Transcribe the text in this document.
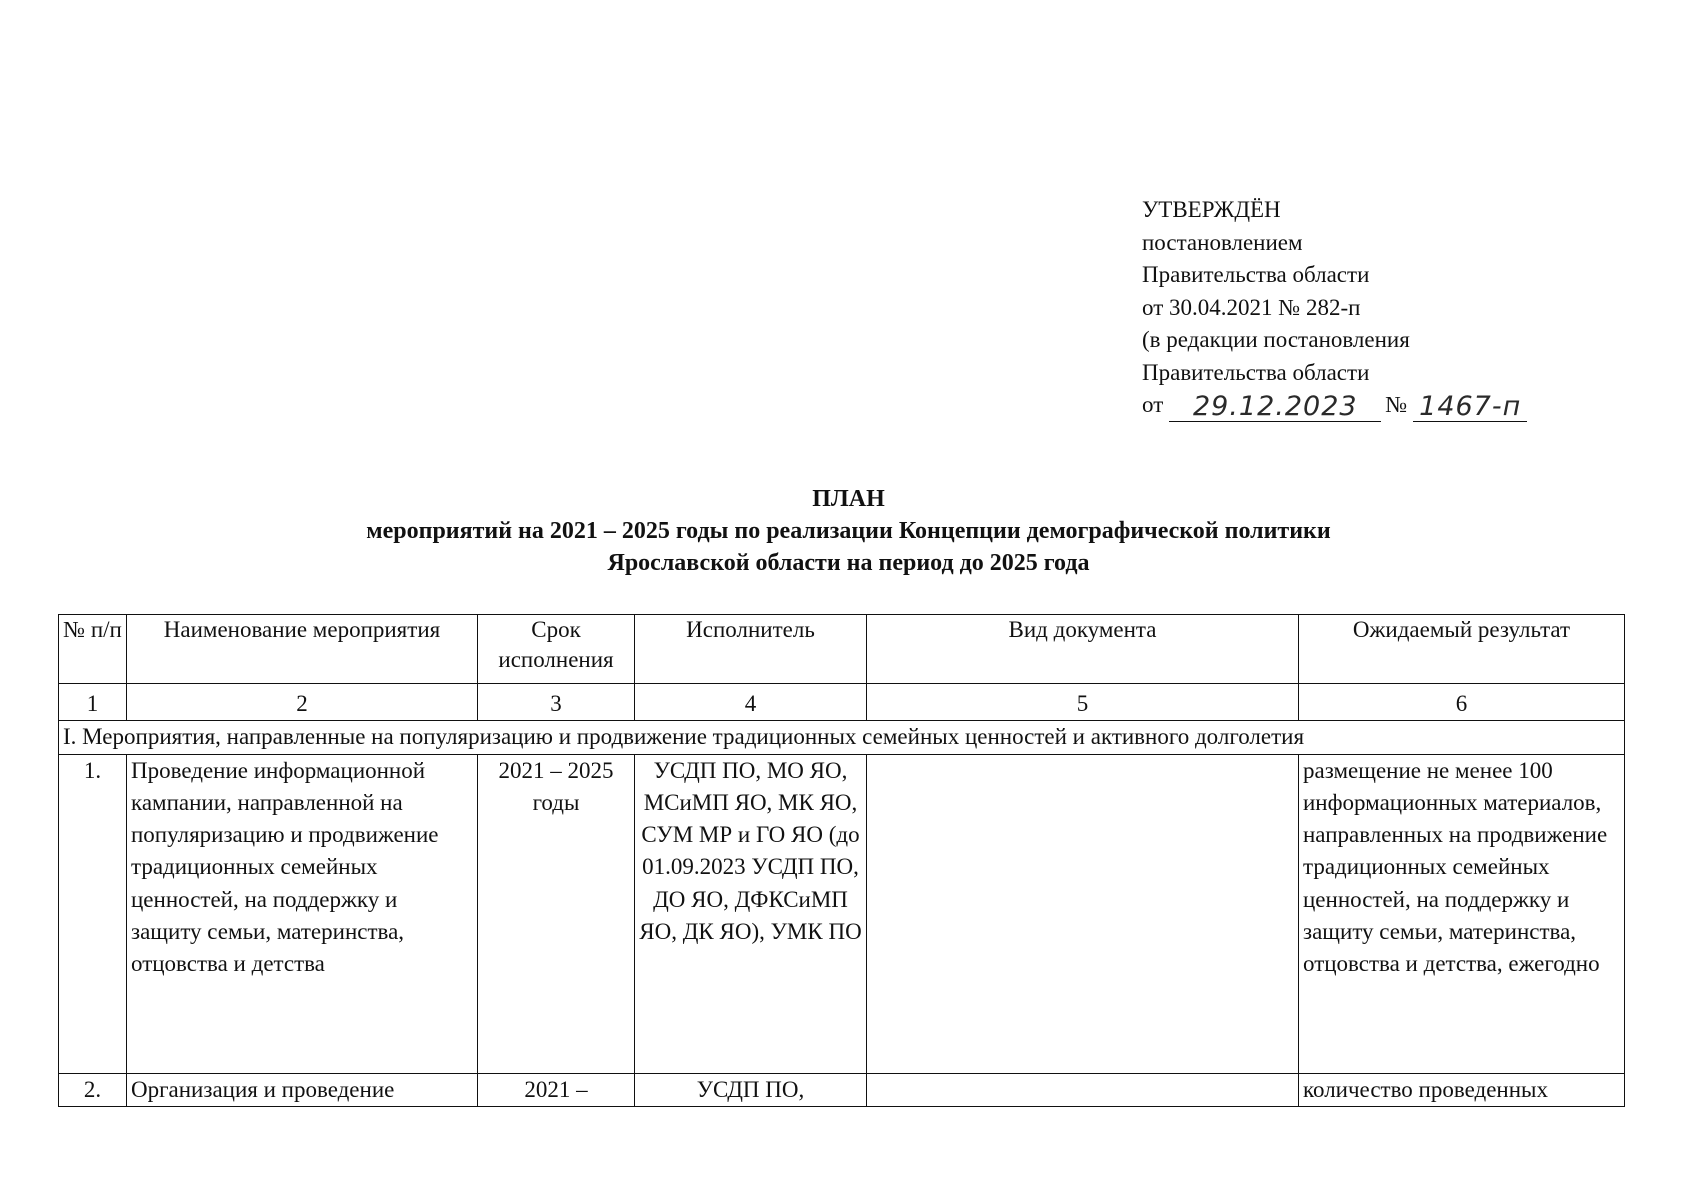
УТВЕРЖДЁН
постановлением
Правительства области
от 30.04.2021 № 282-п
(в редакции постановления
Правительства области
от	29.12.2023	№ 1467-п
ПЛАН
мероприятий на 2021 – 2025 годы по реализации Концепции демографической политики
Ярославской области на период до 2025 года
№ п/п	Наименование мероприятия	Срок исполнения	Исполнитель	Вид документа	Ожидаемый результат
1	2	3	4	5	6
I. Мероприятия, направленные на популяризацию и продвижение традиционных семейных ценностей и активного долголетия					
1.	Проведение информационной кампании, направленной на популяризацию и продвижение традиционных семейных ценностей, на поддержку и защиту семьи, материнства, отцовства и детства	2021 – 2025 годы	УСДП ПО, МО ЯО, МСиМП ЯО, МК ЯО, СУМ МР и ГО ЯО (до 01.09.2023 УСДП ПО, ДО ЯО, ДФКСиМП ЯО, ДК ЯО), УМК ПО		размещение не менее 100 информационных материалов, направленных на продвижение традиционных семейных ценностей, на поддержку и защиту семьи, материнства, отцовства и детства, ежегодно
2.	Организация и проведение	2021 –	УСДП ПО,		количество проведенных
